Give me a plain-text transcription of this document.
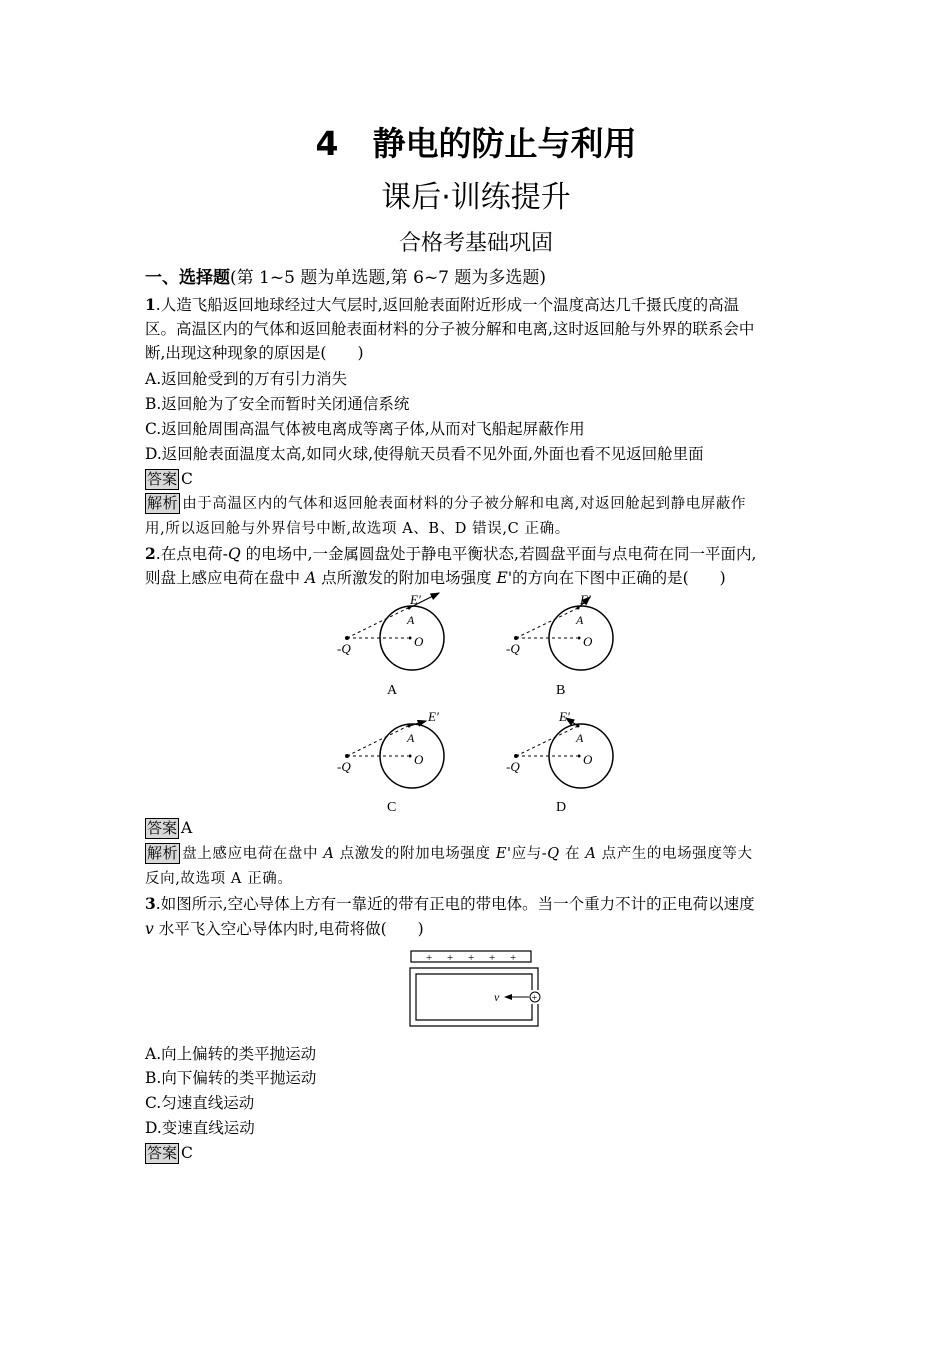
4 静电的防止与利用
课后·训练提升
合格考基础巩固
一、选择题(第 1~5 题为单选题,第 6~7 题为多选题)
1.人造飞船返回地球经过大气层时,返回舱表面附近形成一个温度高达几千摄氏度的高温
区。高温区内的气体和返回舱表面材料的分子被分解和电离,这时返回舱与外界的联系会中
断,出现这种现象的原因是(　　)
A.返回舱受到的万有引力消失
B.返回舱为了安全而暂时关闭通信系统
C.返回舱周围高温气体被电离成等离子体,从而对飞船起屏蔽作用
D.返回舱表面温度太高,如同火球,使得航天员看不见外面,外面也看不见返回舱里面
答案 C
解析 由于高温区内的气体和返回舱表面材料的分子被分解和电离,对返回舱起到静电屏蔽作
用,所以返回舱与外界信号中断,故选项 A、B、D 错误,C 正确。
2.在点电荷-Q 的电场中,一金属圆盘处于静电平衡状态,若圆盘平面与点电荷在同一平面内,
则盘上感应电荷在盘中 A 点所激发的附加电场强度 E'的方向在下图中正确的是(　　)
-Q
A
O
E′
A
-Q
A
O
E′
B
-Q
A
O
E′
C
-Q
A
O
E′
D
+ + + + +
+
v
答案 A
解析 盘上感应电荷在盘中 A 点激发的附加电场强度 E'应与-Q 在 A 点产生的电场强度等大
反向,故选项 A 正确。
3.如图所示,空心导体上方有一靠近的带有正电的带电体。当一个重力不计的正电荷以速度
v 水平飞入空心导体内时,电荷将做(　　)
A.向上偏转的类平抛运动
B.向下偏转的类平抛运动
C.匀速直线运动
D.变速直线运动
答案 C
